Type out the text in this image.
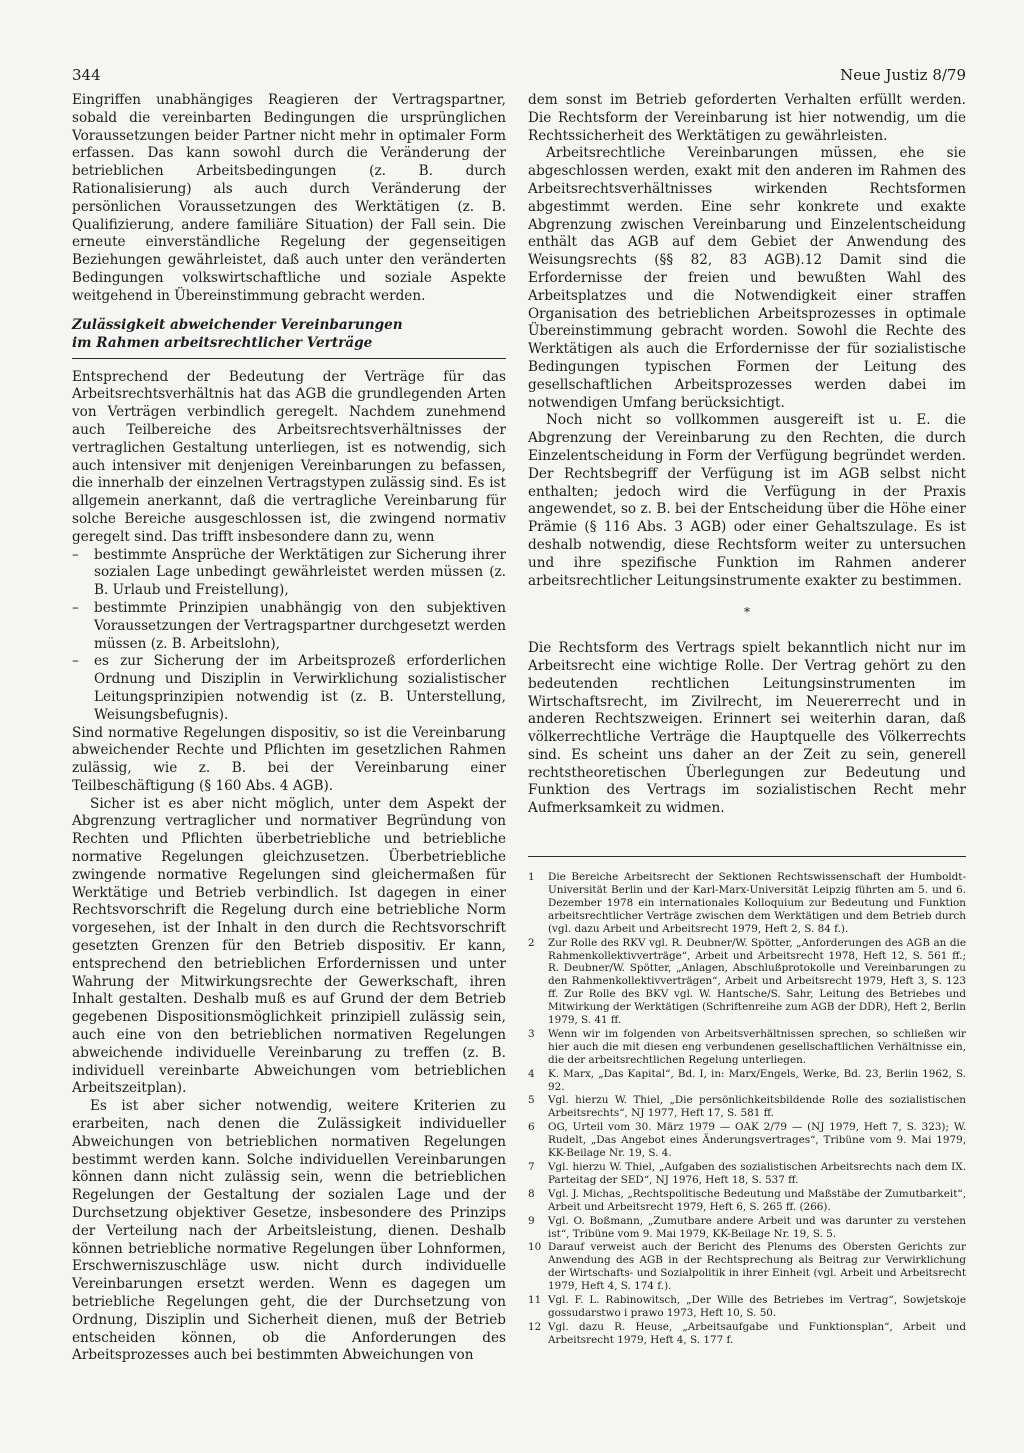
344	Neue Justiz 8/79

Eingriffen unabhängiges Reagieren der Vertragspartner, sobald die vereinbarten Bedingungen die ursprünglichen Voraussetzungen beider Partner nicht mehr in optimaler Form erfassen. Das kann sowohl durch die Veränderung der betrieblichen Arbeitsbedingungen (z. B. durch Rationalisierung) als auch durch Veränderung der persönlichen Voraussetzungen des Werktätigen (z. B. Qualifizierung, andere familiäre Situation) der Fall sein. Die erneute einverständliche Regelung der gegenseitigen Beziehungen gewährleistet, daß auch unter den veränderten Bedingungen volkswirtschaftliche und soziale Aspekte weitgehend in Übereinstimmung gebracht werden.

Zulässigkeit abweichender Vereinbarungen
im Rahmen arbeitsrechtlicher Verträge

Entsprechend der Bedeutung der Verträge für das Arbeitsrechtsverhältnis hat das AGB die grundlegenden Arten von Verträgen verbindlich geregelt. Nachdem zunehmend auch Teilbereiche des Arbeitsrechtsverhältnisses der vertraglichen Gestaltung unterliegen, ist es notwendig, sich auch intensiver mit denjenigen Vereinbarungen zu befassen, die innerhalb der einzelnen Vertragstypen zulässig sind. Es ist allgemein anerkannt, daß die vertragliche Vereinbarung für solche Bereiche ausgeschlossen ist, die zwingend normativ geregelt sind. Das trifft insbesondere dann zu, wenn

– bestimmte Ansprüche der Werktätigen zur Sicherung ihrer sozialen Lage unbedingt gewährleistet werden müssen (z. B. Urlaub und Freistellung),
– bestimmte Prinzipien unabhängig von den subjektiven Voraussetzungen der Vertragspartner durchgesetzt werden müssen (z. B. Arbeitslohn),
– es zur Sicherung der im Arbeitsprozeß erforderlichen Ordnung und Disziplin in Verwirklichung sozialistischer Leitungsprinzipien notwendig ist (z. B. Unterstellung, Weisungsbefugnis).

Sind normative Regelungen dispositiv, so ist die Vereinbarung abweichender Rechte und Pflichten im gesetzlichen Rahmen zulässig, wie z. B. bei der Vereinbarung einer Teilbeschäftigung (§ 160 Abs. 4 AGB).

Sicher ist es aber nicht möglich, unter dem Aspekt der Abgrenzung vertraglicher und normativer Begründung von Rechten und Pflichten überbetriebliche und betriebliche normative Regelungen gleichzusetzen. Überbetriebliche zwingende normative Regelungen sind gleichermaßen für Werktätige und Betrieb verbindlich. Ist dagegen in einer Rechtsvorschrift die Regelung durch eine betriebliche Norm vorgesehen, ist der Inhalt in den durch die Rechtsvorschrift gesetzten Grenzen für den Betrieb dispositiv. Er kann, entsprechend den betrieblichen Erfordernissen und unter Wahrung der Mitwirkungsrechte der Gewerkschaft, ihren Inhalt gestalten. Deshalb muß es auf Grund der dem Betrieb gegebenen Dispositionsmöglichkeit prinzipiell zulässig sein, auch eine von den betrieblichen normativen Regelungen abweichende individuelle Vereinbarung zu treffen (z. B. individuell vereinbarte Abweichungen vom betrieblichen Arbeitszeitplan).

Es ist aber sicher notwendig, weitere Kriterien zu erarbeiten, nach denen die Zulässigkeit individueller Abweichungen von betrieblichen normativen Regelungen bestimmt werden kann. Solche individuellen Vereinbarungen können dann nicht zulässig sein, wenn die betrieblichen Regelungen der Gestaltung der sozialen Lage und der Durchsetzung objektiver Gesetze, insbesondere des Prinzips der Verteilung nach der Arbeitsleistung, dienen. Deshalb können betriebliche normative Regelungen über Lohnformen, Erschwerniszuschläge usw. nicht durch individuelle Vereinbarungen ersetzt werden. Wenn es dagegen um betriebliche Regelungen geht, die der Durchsetzung von Ordnung, Disziplin und Sicherheit dienen, muß der Betrieb entscheiden können, ob die Anforderungen des Arbeitsprozesses auch bei bestimmten Abweichungen von

dem sonst im Betrieb geforderten Verhalten erfüllt werden. Die Rechtsform der Vereinbarung ist hier notwendig, um die Rechtssicherheit des Werktätigen zu gewährleisten.

Arbeitsrechtliche Vereinbarungen müssen, ehe sie abgeschlossen werden, exakt mit den anderen im Rahmen des Arbeitsrechtsverhältnisses wirkenden Rechtsformen abgestimmt werden. Eine sehr konkrete und exakte Abgrenzung zwischen Vereinbarung und Einzelentscheidung enthält das AGB auf dem Gebiet der Anwendung des Weisungsrechts (§§ 82, 83 AGB).12 Damit sind die Erfordernisse der freien und bewußten Wahl des Arbeitsplatzes und die Notwendigkeit einer straffen Organisation des betrieblichen Arbeitsprozesses in optimale Übereinstimmung gebracht worden. Sowohl die Rechte des Werktätigen als auch die Erfordernisse der für sozialistische Bedingungen typischen Formen der Leitung des gesellschaftlichen Arbeitsprozesses werden dabei im notwendigen Umfang berücksichtigt.

Noch nicht so vollkommen ausgereift ist u. E. die Abgrenzung der Vereinbarung zu den Rechten, die durch Einzelentscheidung in Form der Verfügung begründet werden. Der Rechtsbegriff der Verfügung ist im AGB selbst nicht enthalten; jedoch wird die Verfügung in der Praxis angewendet, so z. B. bei der Entscheidung über die Höhe einer Prämie (§ 116 Abs. 3 AGB) oder einer Gehaltszulage. Es ist deshalb notwendig, diese Rechtsform weiter zu untersuchen und ihre spezifische Funktion im Rahmen anderer arbeitsrechtlicher Leitungsinstrumente exakter zu bestimmen.

*

Die Rechtsform des Vertrags spielt bekanntlich nicht nur im Arbeitsrecht eine wichtige Rolle. Der Vertrag gehört zu den bedeutenden rechtlichen Leitungsinstrumenten im Wirtschaftsrecht, im Zivilrecht, im Neuererrecht und in anderen Rechtszweigen. Erinnert sei weiterhin daran, daß völkerrechtliche Verträge die Hauptquelle des Völkerrechts sind. Es scheint uns daher an der Zeit zu sein, generell rechtstheoretischen Überlegungen zur Bedeutung und Funktion des Vertrags im sozialistischen Recht mehr Aufmerksamkeit zu widmen.

1	Die Bereiche Arbeitsrecht der Sektionen Rechtswissenschaft der Humboldt-Universität Berlin und der Karl-Marx-Universität Leipzig führten am 5. und 6. Dezember 1978 ein internationales Kolloquium zur Bedeutung und Funktion arbeitsrechtlicher Verträge zwischen dem Werktätigen und dem Betrieb durch (vgl. dazu Arbeit und Arbeitsrecht 1979, Heft 2, S. 84 f.).
2	Zur Rolle des RKV vgl. R. Deubner/W. Spötter, „Anforderungen des AGB an die Rahmenkollektivverträge“, Arbeit und Arbeitsrecht 1978, Heft 12, S. 561 ff.; R. Deubner/W. Spötter, „Anlagen, Abschlußprotokolle und Vereinbarungen zu den Rahmenkollektivverträgen“, Arbeit und Arbeitsrecht 1979, Heft 3, S. 123 ff. Zur Rolle des BKV vgl. W. Hantsche/S. Sahr, Leitung des Betriebes und Mitwirkung der Werktätigen (Schriftenreihe zum AGB der DDR), Heft 2, Berlin 1979, S. 41 ff.
3	Wenn wir im folgenden von Arbeitsverhältnissen sprechen, so schließen wir hier auch die mit diesen eng verbundenen gesellschaftlichen Verhältnisse ein, die der arbeitsrechtlichen Regelung unterliegen.
4	K. Marx, „Das Kapital“, Bd. I, in: Marx/Engels, Werke, Bd. 23, Berlin 1962, S. 92.
5	Vgl. hierzu W. Thiel, „Die persönlichkeitsbildende Rolle des sozialistischen Arbeitsrechts“, NJ 1977, Heft 17, S. 581 ff.
6	OG, Urteil vom 30. März 1979 — OAK 2/79 — (NJ 1979, Heft 7, S. 323); W. Rudelt, „Das Angebot eines Änderungsvertrages“, Tribüne vom 9. Mai 1979, KK-Beilage Nr. 19, S. 4.
7	Vgl. hierzu W. Thiel, „Aufgaben des sozialistischen Arbeitsrechts nach dem IX. Parteitag der SED“, NJ 1976, Heft 18, S. 537 ff.
8	Vgl. J. Michas, „Rechtspolitische Bedeutung und Maßstäbe der Zumutbarkeit“, Arbeit und Arbeitsrecht 1979, Heft 6, S. 265 ff. (266).
9	Vgl. O. Boßmann, „Zumutbare andere Arbeit und was darunter zu verstehen ist“, Tribüne vom 9. Mai 1979, KK-Beilage Nr. 19, S. 5.
10 Darauf verweist auch der Bericht des Plenums des Obersten Gerichts zur Anwendung des AGB in der Rechtsprechung als Beitrag zur Verwirklichung der Wirtschafts- und Sozialpolitik in ihrer Einheit (vgl. Arbeit und Arbeitsrecht 1979, Heft 4, S. 174 f.).
11 Vgl. F. L. Rabinowitsch, „Der Wille des Betriebes im Vertrag“, Sowjetskoje gossudarstwo i prawo 1973, Heft 10, S. 50.
12 Vgl. dazu R. Heuse, „Arbeitsaufgabe und Funktionsplan“, Arbeit und Arbeitsrecht 1979, Heft 4, S. 177 f.
